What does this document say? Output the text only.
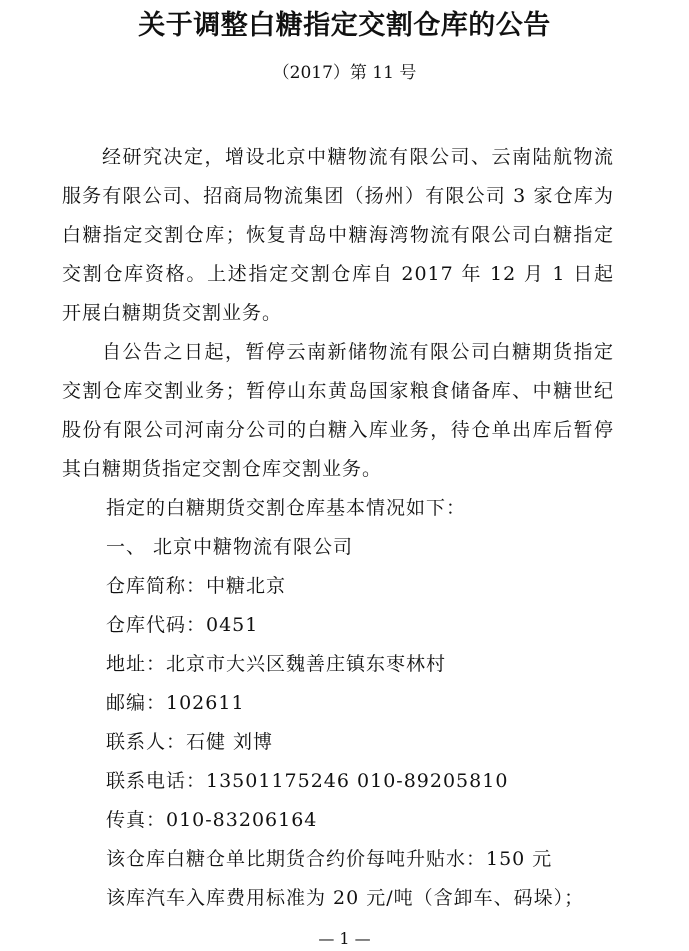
关于调整白糖指定交割仓库的公告
（2017）第 11 号

经研究决定，增设北京中糖物流有限公司、云南陆航物流服务有限公司、招商局物流集团（扬州）有限公司 3 家仓库为白糖指定交割仓库；恢复青岛中糖海湾物流有限公司白糖指定交割仓库资格。上述指定交割仓库自 2017 年 12 月 1 日起开展白糖期货交割业务。

自公告之日起，暂停云南新储物流有限公司白糖期货指定交割仓库交割业务；暂停山东黄岛国家粮食储备库、中糖世纪股份有限公司河南分公司的白糖入库业务，待仓单出库后暂停其白糖期货指定交割仓库交割业务。

指定的白糖期货交割仓库基本情况如下：

一、 北京中糖物流有限公司

仓库简称：中糖北京

仓库代码：0451

地址：北京市大兴区魏善庄镇东枣林村

邮编：102611

联系人：石健 刘博

联系电话：13501175246 010-89205810

传真：010-83206164

该仓库白糖仓单比期货合约价每吨升贴水：150 元

该库汽车入库费用标准为 20 元/吨（含卸车、码垛）；

— 1 —
